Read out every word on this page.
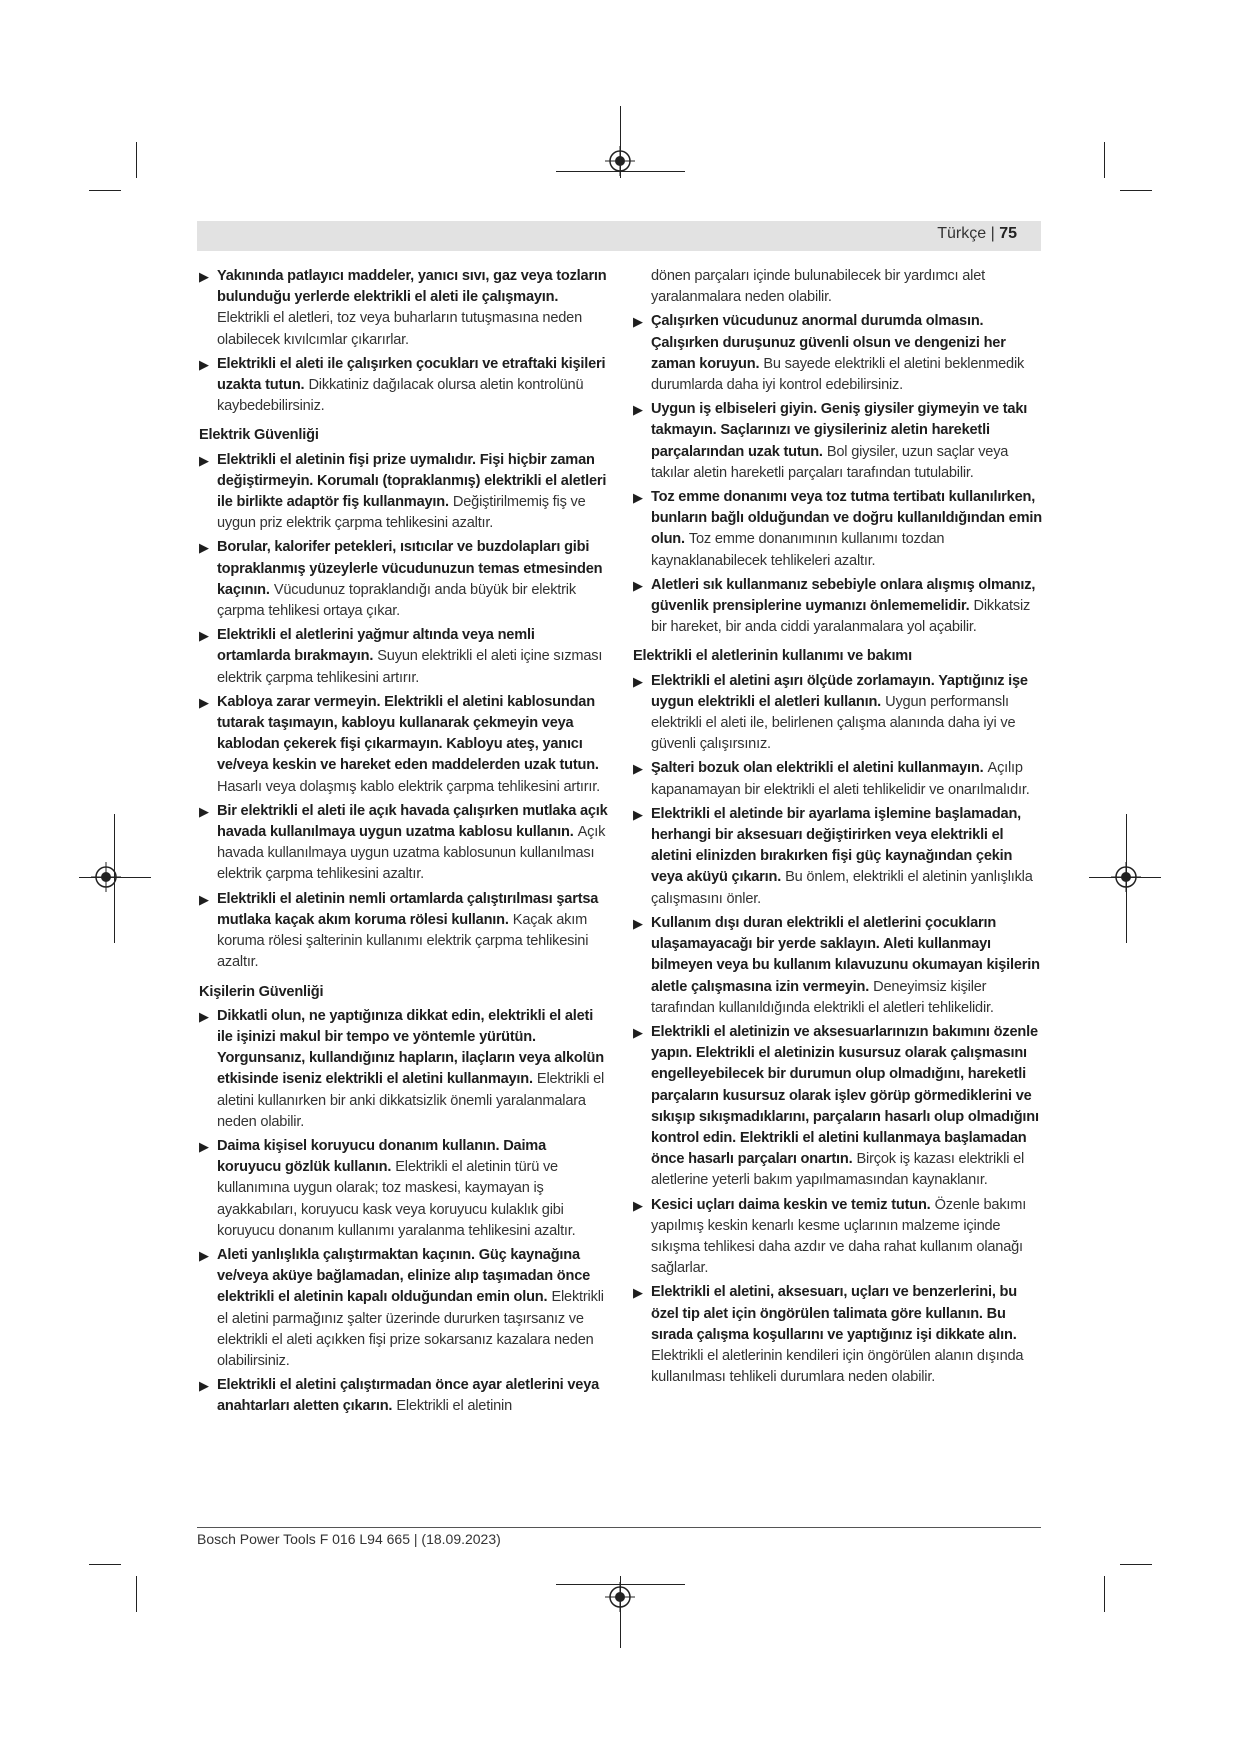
Türkçe | 75
▶ Yakınında patlayıcı maddeler, yanıcı sıvı, gaz veya tozların bulunduğu yerlerde elektrikli el aleti ile çalışmayın. Elektrikli el aletleri, toz veya buharların tutuşmasına neden olabilecek kıvılcımlar çıkarırlar.
▶ Elektrikli el aleti ile çalışırken çocukları ve etraftaki kişileri uzakta tutun. Dikkatiniz dağılacak olursa aletin kontrolünü kaybedebilirsiniz.
Elektrik Güvenliği
▶ Elektrikli el aletinin fişi prize uymalıdır. Fişi hiçbir zaman değiştirmeyin. Korumalı (topraklanmış) elektrikli el aletleri ile birlikte adaptör fiş kullanmayın. Değiştirilmemiş fiş ve uygun priz elektrik çarpma tehlikesini azaltır.
▶ Borular, kalorifer petekleri, ısıtıcılar ve buzdolapları gibi topraklanmış yüzeylerle vücudunuzun temas etmesinden kaçının. Vücudunuz topraklandığı anda büyük bir elektrik çarpma tehlikesi ortaya çıkar.
▶ Elektrikli el aletlerini yağmur altında veya nemli ortamlarda bırakmayın. Suyun elektrikli el aleti içine sızması elektrik çarpma tehlikesini artırır.
▶ Kabloya zarar vermeyin. Elektrikli el aletini kablosundan tutarak taşımayın, kabloyu kullanarak çekmeyin veya kablodan çekerek fişi çıkarmayın. Kabloyu ateş, yanıcı ve/veya keskin ve hareket eden maddelerden uzak tutun. Hasarlı veya dolaşmış kablo elektrik çarpma tehlikesini artırır.
▶ Bir elektrikli el aleti ile açık havada çalışırken mutlaka açık havada kullanılmaya uygun uzatma kablosu kullanın. Açık havada kullanılmaya uygun uzatma kablosunun kullanılması elektrik çarpma tehlikesini azaltır.
▶ Elektrikli el aletinin nemli ortamlarda çalıştırılması şartsa mutlaka kaçak akım koruma rölesi kullanın. Kaçak akım koruma rölesi şalterinin kullanımı elektrik çarpma tehlikesini azaltır.
Kişilerin Güvenliği
▶ Dikkatli olun, ne yaptığınıza dikkat edin, elektrikli el aleti ile işinizi makul bir tempo ve yöntemle yürütün. Yorgunsanız, kullandığınız hapların, ilaçların veya alkolün etkisinde iseniz elektrikli el aletini kullanmayın. Elektrikli el aletini kullanırken bir anki dikkatsizlik önemli yaralanmalara neden olabilir.
▶ Daima kişisel koruyucu donanım kullanın. Daima koruyucu gözlük kullanın. Elektrikli el aletinin türü ve kullanımına uygun olarak; toz maskesi, kaymayan iş ayakkabıları, koruyucu kask veya koruyucu kulaklık gibi koruyucu donanım kullanımı yaralanma tehlikesini azaltır.
▶ Aleti yanlışlıkla çalıştırmaktan kaçının. Güç kaynağına ve/veya aküye bağlamadan, elinize alıp taşımadan önce elektrikli el aletinin kapalı olduğundan emin olun. Elektrikli el aletini parmağınız şalter üzerinde dururken taşırsanız ve elektrikli el aleti açıkken fişi prize sokarsanız kazalara neden olabilirsiniz.
▶ Elektrikli el aletini çalıştırmadan önce ayar aletlerini veya anahtarları aletten çıkarın. Elektrikli el aletinin
dönen parçaları içinde bulunabilecek bir yardımcı alet yaralanmalara neden olabilir.
▶ Çalışırken vücudunuz anormal durumda olmasın. Çalışırken duruşunuz güvenli olsun ve dengenizi her zaman koruyun. Bu sayede elektrikli el aletini beklenmedik durumlarda daha iyi kontrol edebilirsiniz.
▶ Uygun iş elbiseleri giyin. Geniş giysiler giymeyin ve takı takmayın. Saçlarınızı ve giysileriniz aletin hareketli parçalarından uzak tutun. Bol giysiler, uzun saçlar veya takılar aletin hareketli parçaları tarafından tutulabilir.
▶ Toz emme donanımı veya toz tutma tertibatı kullanılırken, bunların bağlı olduğundan ve doğru kullanıldığından emin olun. Toz emme donanımının kullanımı tozdan kaynaklanabilecek tehlikeleri azaltır.
▶ Aletleri sık kullanmanız sebebiyle onlara alışmış olmanız, güvenlik prensiplerine uymanızı önlememelidir. Dikkatsiz bir hareket, bir anda ciddi yaralanmalara yol açabilir.
Elektrikli el aletlerinin kullanımı ve bakımı
▶ Elektrikli el aletini aşırı ölçüde zorlamayın. Yaptığınız işe uygun elektrikli el aletleri kullanın. Uygun performanslı elektrikli el aleti ile, belirlenen çalışma alanında daha iyi ve güvenli çalışırsınız.
▶ Şalteri bozuk olan elektrikli el aletini kullanmayın. Açılıp kapanamayan bir elektrikli el aleti tehlikelidir ve onarılmalıdır.
▶ Elektrikli el aletinde bir ayarlama işlemine başlamadan, herhangi bir aksesuarı değiştirirken veya elektrikli el aletini elinizden bırakırken fişi güç kaynağından çekin veya aküyü çıkarın. Bu önlem, elektrikli el aletinin yanlışlıkla çalışmasını önler.
▶ Kullanım dışı duran elektrikli el aletlerini çocukların ulaşamayacağı bir yerde saklayın. Aleti kullanmayı bilmeyen veya bu kullanım kılavuzunu okumayan kişilerin aletle çalışmasına izin vermeyin. Deneyimsiz kişiler tarafından kullanıldığında elektrikli el aletleri tehlikelidir.
▶ Elektrikli el aletinizin ve aksesuarlarınızın bakımını özenle yapın. Elektrikli el aletinizin kusursuz olarak çalışmasını engelleyebilecek bir durumun olup olmadığını, hareketli parçaların kusursuz olarak işlev görüp görmediklerini ve sıkışıp sıkışmadıklarını, parçaların hasarlı olup olmadığını kontrol edin. Elektrikli el aletini kullanmaya başlamadan önce hasarlı parçaları onartın. Birçok iş kazası elektrikli el aletlerine yeterli bakım yapılmamasından kaynaklanır.
▶ Kesici uçları daima keskin ve temiz tutun. Özenle bakımı yapılmış keskin kenarlı kesme uçlarının malzeme içinde sıkışma tehlikesi daha azdır ve daha rahat kullanım olanağı sağlarlar.
▶ Elektrikli el aletini, aksesuarı, uçları ve benzerlerini, bu özel tip alet için öngörülen talimata göre kullanın. Bu sırada çalışma koşullarını ve yaptığınız işi dikkate alın. Elektrikli el aletlerinin kendileri için öngörülen alanın dışında kullanılması tehlikeli durumlara neden olabilir.
Bosch Power Tools F 016 L94 665 | (18.09.2023)
